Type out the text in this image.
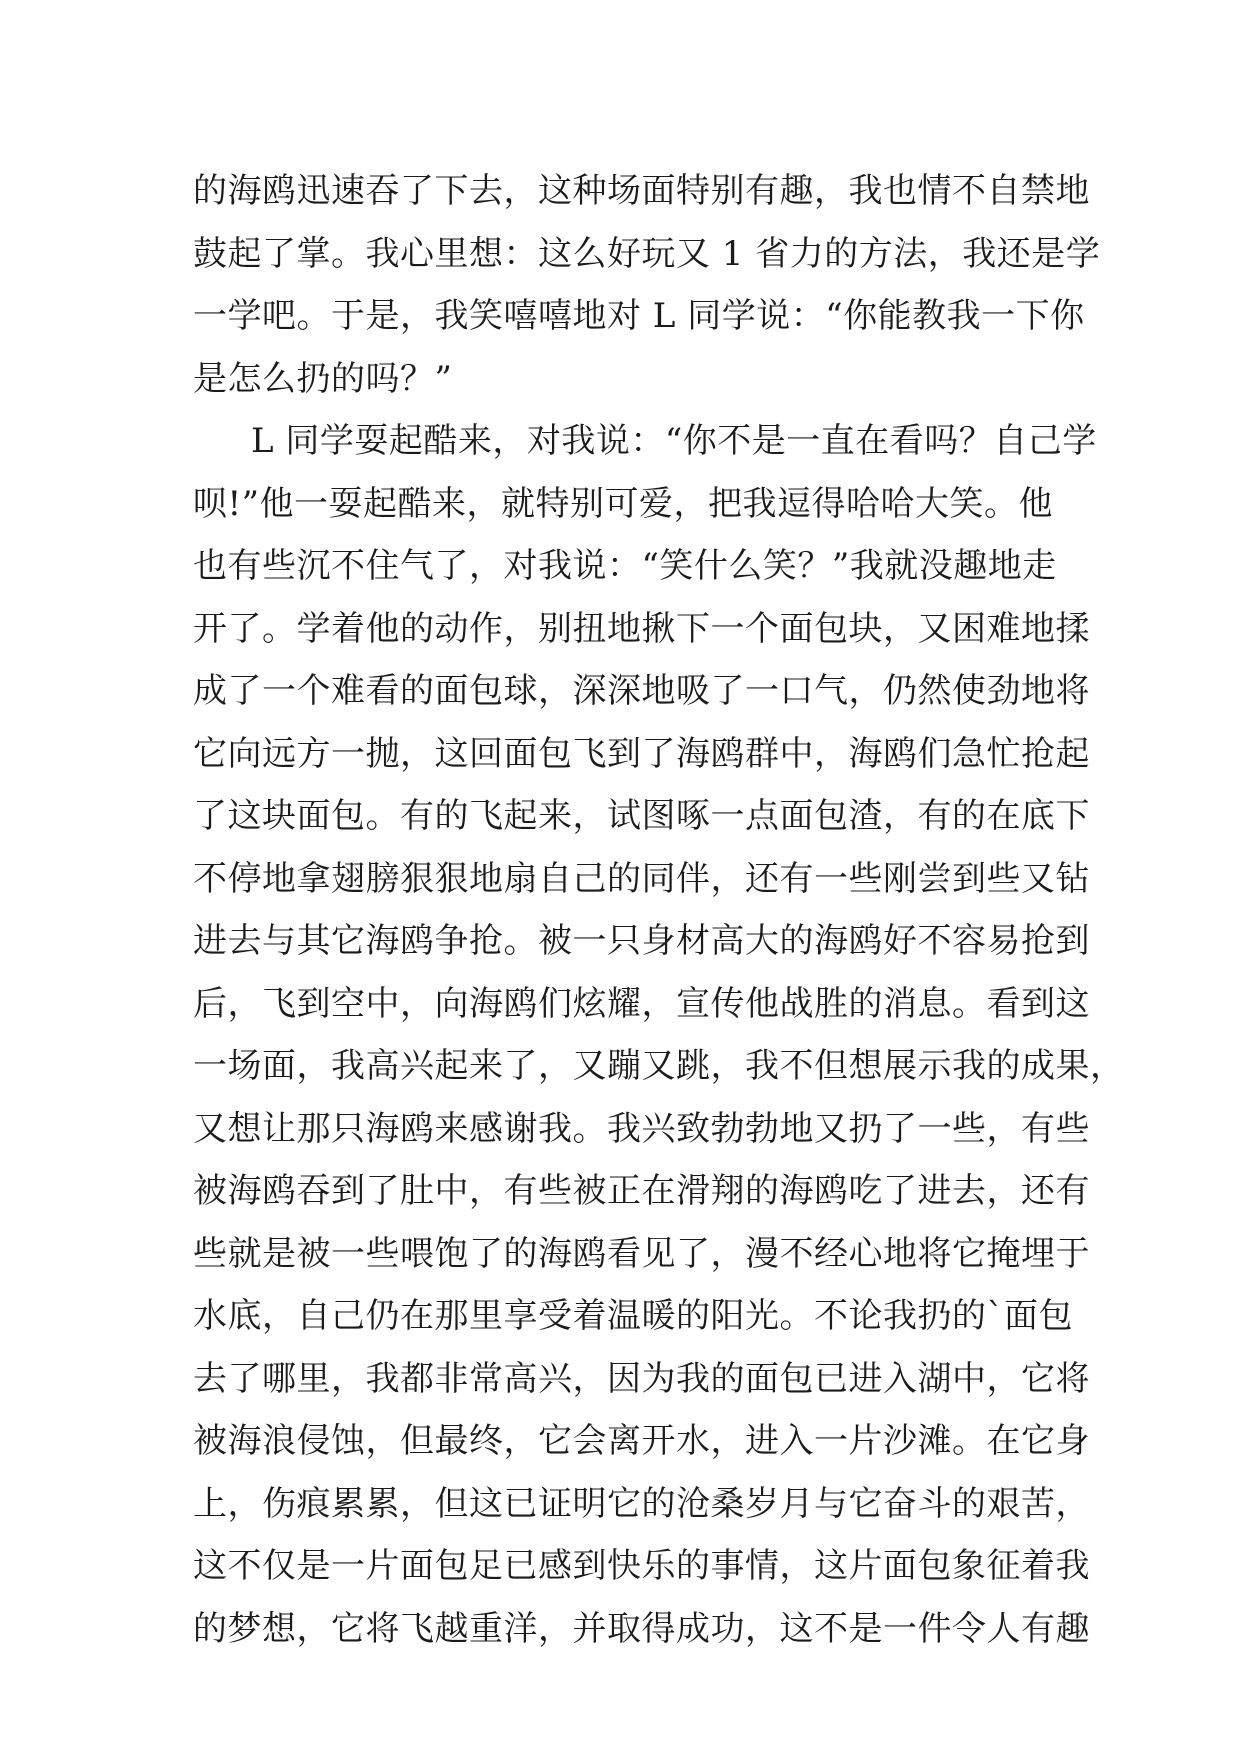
的海鸥迅速吞了下去，这种场面特别有趣，我也情不自禁地
鼓起了掌。我心里想：这么好玩又 1 省力的方法，我还是学
一学吧。于是，我笑嘻嘻地对 L 同学说：“你能教我一下你
是怎么扔的吗？”
L 同学耍起酷来，对我说：“你不是一直在看吗？自己学
呗!”他一耍起酷来，就特别可爱，把我逗得哈哈大笑。他
也有些沉不住气了，对我说：“笑什么笑？”我就没趣地走
开了。学着他的动作，别扭地揪下一个面包块，又困难地揉
成了一个难看的面包球，深深地吸了一口气，仍然使劲地将
它向远方一抛，这回面包飞到了海鸥群中，海鸥们急忙抢起
了这块面包。有的飞起来，试图啄一点面包渣，有的在底下
不停地拿翅膀狠狠地扇自己的同伴，还有一些刚尝到些又钻
进去与其它海鸥争抢。被一只身材高大的海鸥好不容易抢到
后，飞到空中，向海鸥们炫耀，宣传他战胜的消息。看到这
一场面，我高兴起来了，又蹦又跳，我不但想展示我的成果，
又想让那只海鸥来感谢我。我兴致勃勃地又扔了一些，有些
被海鸥吞到了肚中，有些被正在滑翔的海鸥吃了进去，还有
些就是被一些喂饱了的海鸥看见了，漫不经心地将它掩埋于
水底，自己仍在那里享受着温暖的阳光。不论我扔的`面包
去了哪里，我都非常高兴，因为我的面包已进入湖中，它将
被海浪侵蚀，但最终，它会离开水，进入一片沙滩。在它身
上，伤痕累累，但这已证明它的沧桑岁月与它奋斗的艰苦，
这不仅是一片面包足已感到快乐的事情，这片面包象征着我
的梦想，它将飞越重洋，并取得成功，这不是一件令人有趣
